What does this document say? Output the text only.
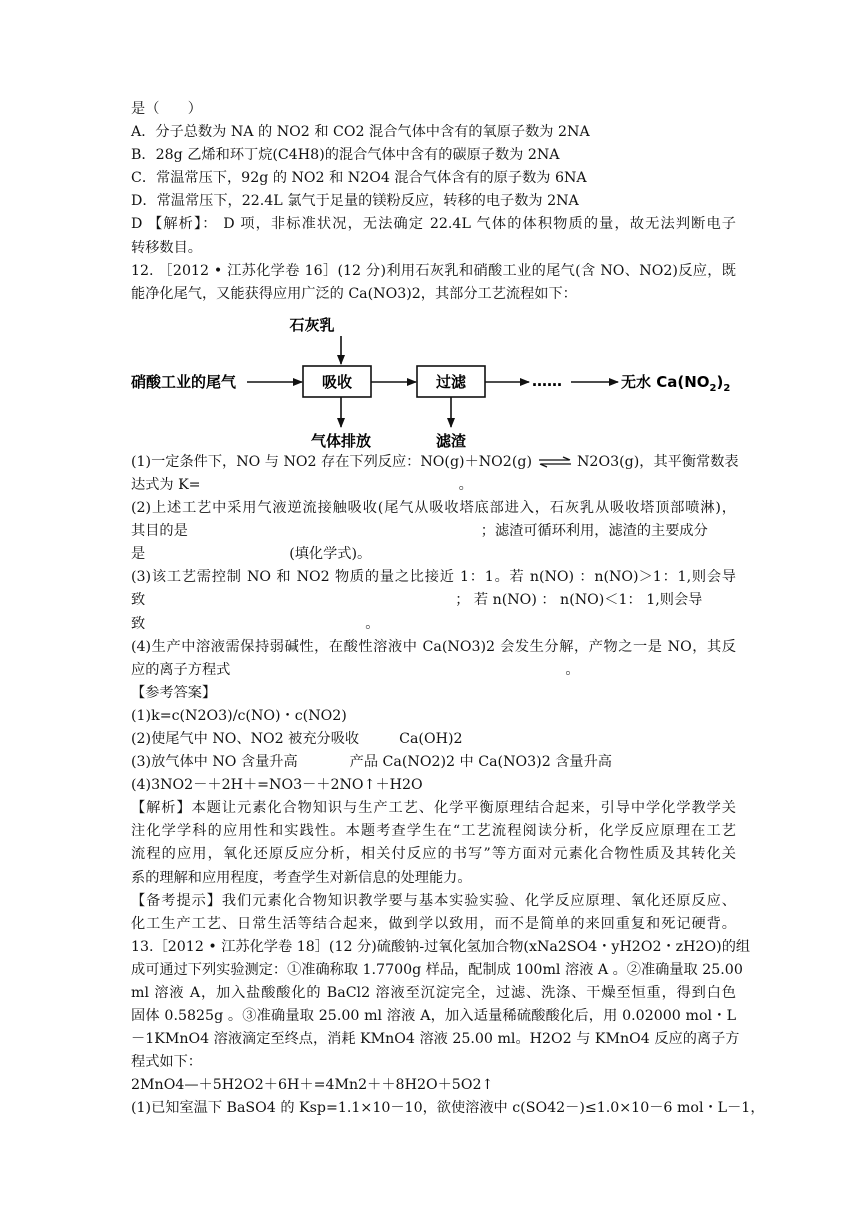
是（　　）
A．分子总数为 NA 的 NO2 和 CO2 混合气体中含有的氧原子数为 2NA
B．28g 乙烯和环丁烷(C4H8)的混合气体中含有的碳原子数为 2NA
C．常温常压下，92g 的 NO2 和 N2O4 混合气体含有的原子数为 6NA
D．常温常压下，22.4L 氯气于足量的镁粉反应，转移的电子数为 2NA
D 【解析】： D 项，非标准状况，无法确定 22.4L 气体的体积物质的量，故无法判断电子
转移数目。
12. ［2012 • 江苏化学卷 16］(12 分)利用石灰乳和硝酸工业的尾气(含 NO、NO2)反应，既
能净化尾气，又能获得应用广泛的 Ca(NO3)2，其部分工艺流程如下：
石灰乳
硝酸工业的尾气	吸收	过滤	……	无水 $Ca(NO_2)_2$
气体排放	滤渣
(1)一定条件下，NO 与 NO2 存在下列反应：NO(g)＋NO2(g) ⇌ N2O3(g)，其平衡常数表
达式为 K=	。
(2)上述工艺中采用气液逆流接触吸收(尾气从吸收塔底部进入，石灰乳从吸收塔顶部喷淋)，
其目的是	；滤渣可循环利用，滤渣的主要成分
是	(填化学式)。
(3)该工艺需控制 NO 和 NO2 物质的量之比接近 1：1。若 n(NO) ：n(NO)＞1：1,则会导
致	； 若 n(NO) ： n(NO)＜1： 1,则会导
致	。
(4)生产中溶液需保持弱碱性，在酸性溶液中 Ca(NO3)2 会发生分解，产物之一是 NO，其反
应的离子方程式	。
【参考答案】
(1)k=c(N2O3)/c(NO)・c(NO2)
(2)使尾气中 NO、NO2 被充分吸收	Ca(OH)2
(3)放气体中 NO 含量升高	产品 Ca(NO2)2 中 Ca(NO3)2 含量升高
(4)3NO2－＋2H＋=NO3－＋2NO↑＋H2O
【解析】本题让元素化合物知识与生产工艺、化学平衡原理结合起来，引导中学化学教学关
注化学学科的应用性和实践性。本题考查学生在“工艺流程阅读分析，化学反应原理在工艺
流程的应用，氧化还原反应分析，相关付反应的书写”等方面对元素化合物性质及其转化关
系的理解和应用程度，考查学生对新信息的处理能力。
【备考提示】我们元素化合物知识教学要与基本实验实验、化学反应原理、氧化还原反应、
化工生产工艺、日常生活等结合起来，做到学以致用，而不是简单的来回重复和死记硬背。
13.［2012 • 江苏化学卷 18］(12 分)硫酸钠-过氧化氢加合物(xNa2SO4・yH2O2・zH2O)的组
成可通过下列实验测定：①准确称取 1.7700g 样品，配制成 100ml 溶液 A 。②准确量取 25.00
ml 溶液 A，加入盐酸酸化的 BaCl2 溶液至沉淀完全，过滤、洗涤、干燥至恒重，得到白色
固体 0.5825g 。③准确量取 25.00 ml 溶液 A，加入适量稀硫酸酸化后，用 0.02000 mol・L
－1KMnO4 溶液滴定至终点，消耗 KMnO4 溶液 25.00 ml。H2O2 与 KMnO4 反应的离子方
程式如下：
2MnO4—＋5H2O2＋6H＋=4Mn2＋＋8H2O＋5O2↑
(1)已知室温下 BaSO4 的 Ksp=1.1×10－10，欲使溶液中 c(SO42－)≤1.0×10－6 mol・L－1，
